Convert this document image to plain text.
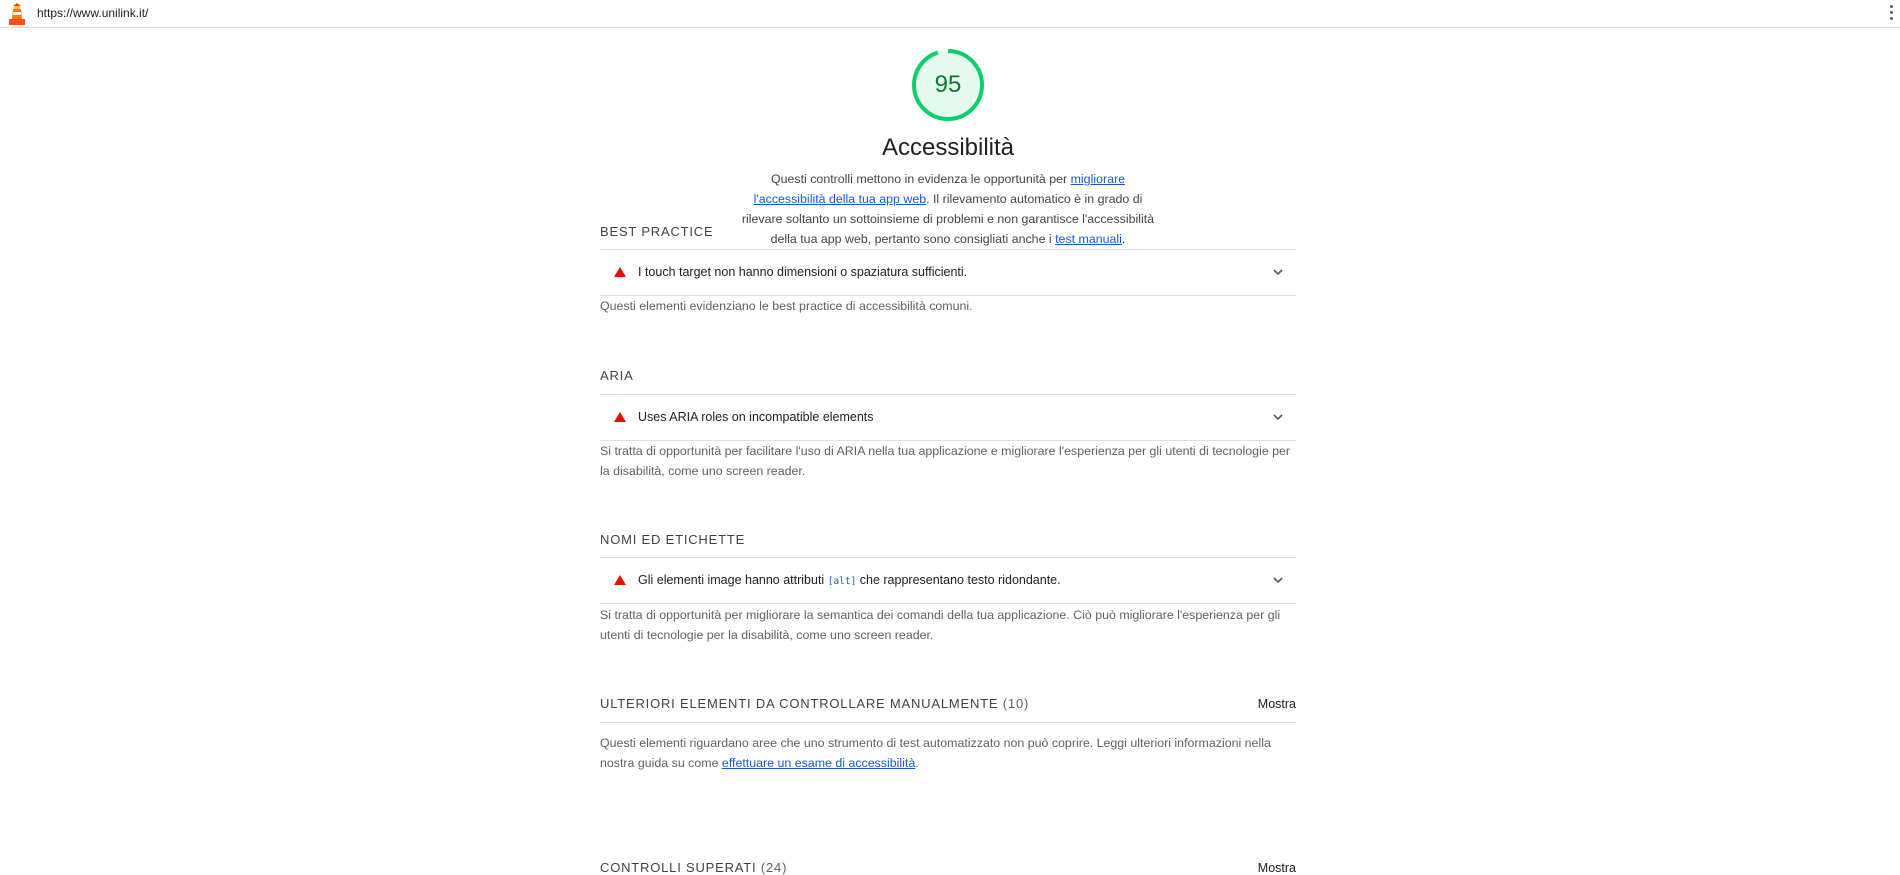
https://www.unilink.it/
95
Accessibilità
Questi controlli mettono in evidenza le opportunità per migliorare l'accessibilità della tua app web. Il rilevamento automatico è in grado di rilevare soltanto un sottoinsieme di problemi e non garantisce l'accessibilità della tua app web, pertanto sono consigliati anche i test manuali.
BEST PRACTICE
I touch target non hanno dimensioni o spaziatura sufficienti.
Questi elementi evidenziano le best practice di accessibilità comuni.
ARIA
Uses ARIA roles on incompatible elements
Si tratta di opportunità per facilitare l'uso di ARIA nella tua applicazione e migliorare l'esperienza per gli utenti di tecnologie per la disabilità, come uno screen reader.
NOMI ED ETICHETTE
Gli elementi image hanno attributi [alt] che rappresentano testo ridondante.
Si tratta di opportunità per migliorare la semantica dei comandi della tua applicazione. Ciò può migliorare l'esperienza per gli utenti di tecnologie per la disabilità, come uno screen reader.
ULTERIORI ELEMENTI DA CONTROLLARE MANUALMENTE (10)	Mostra
Questi elementi riguardano aree che uno strumento di test automatizzato non può coprire. Leggi ulteriori informazioni nella nostra guida su come effettuare un esame di accessibilità.
CONTROLLI SUPERATI (24)	Mostra
